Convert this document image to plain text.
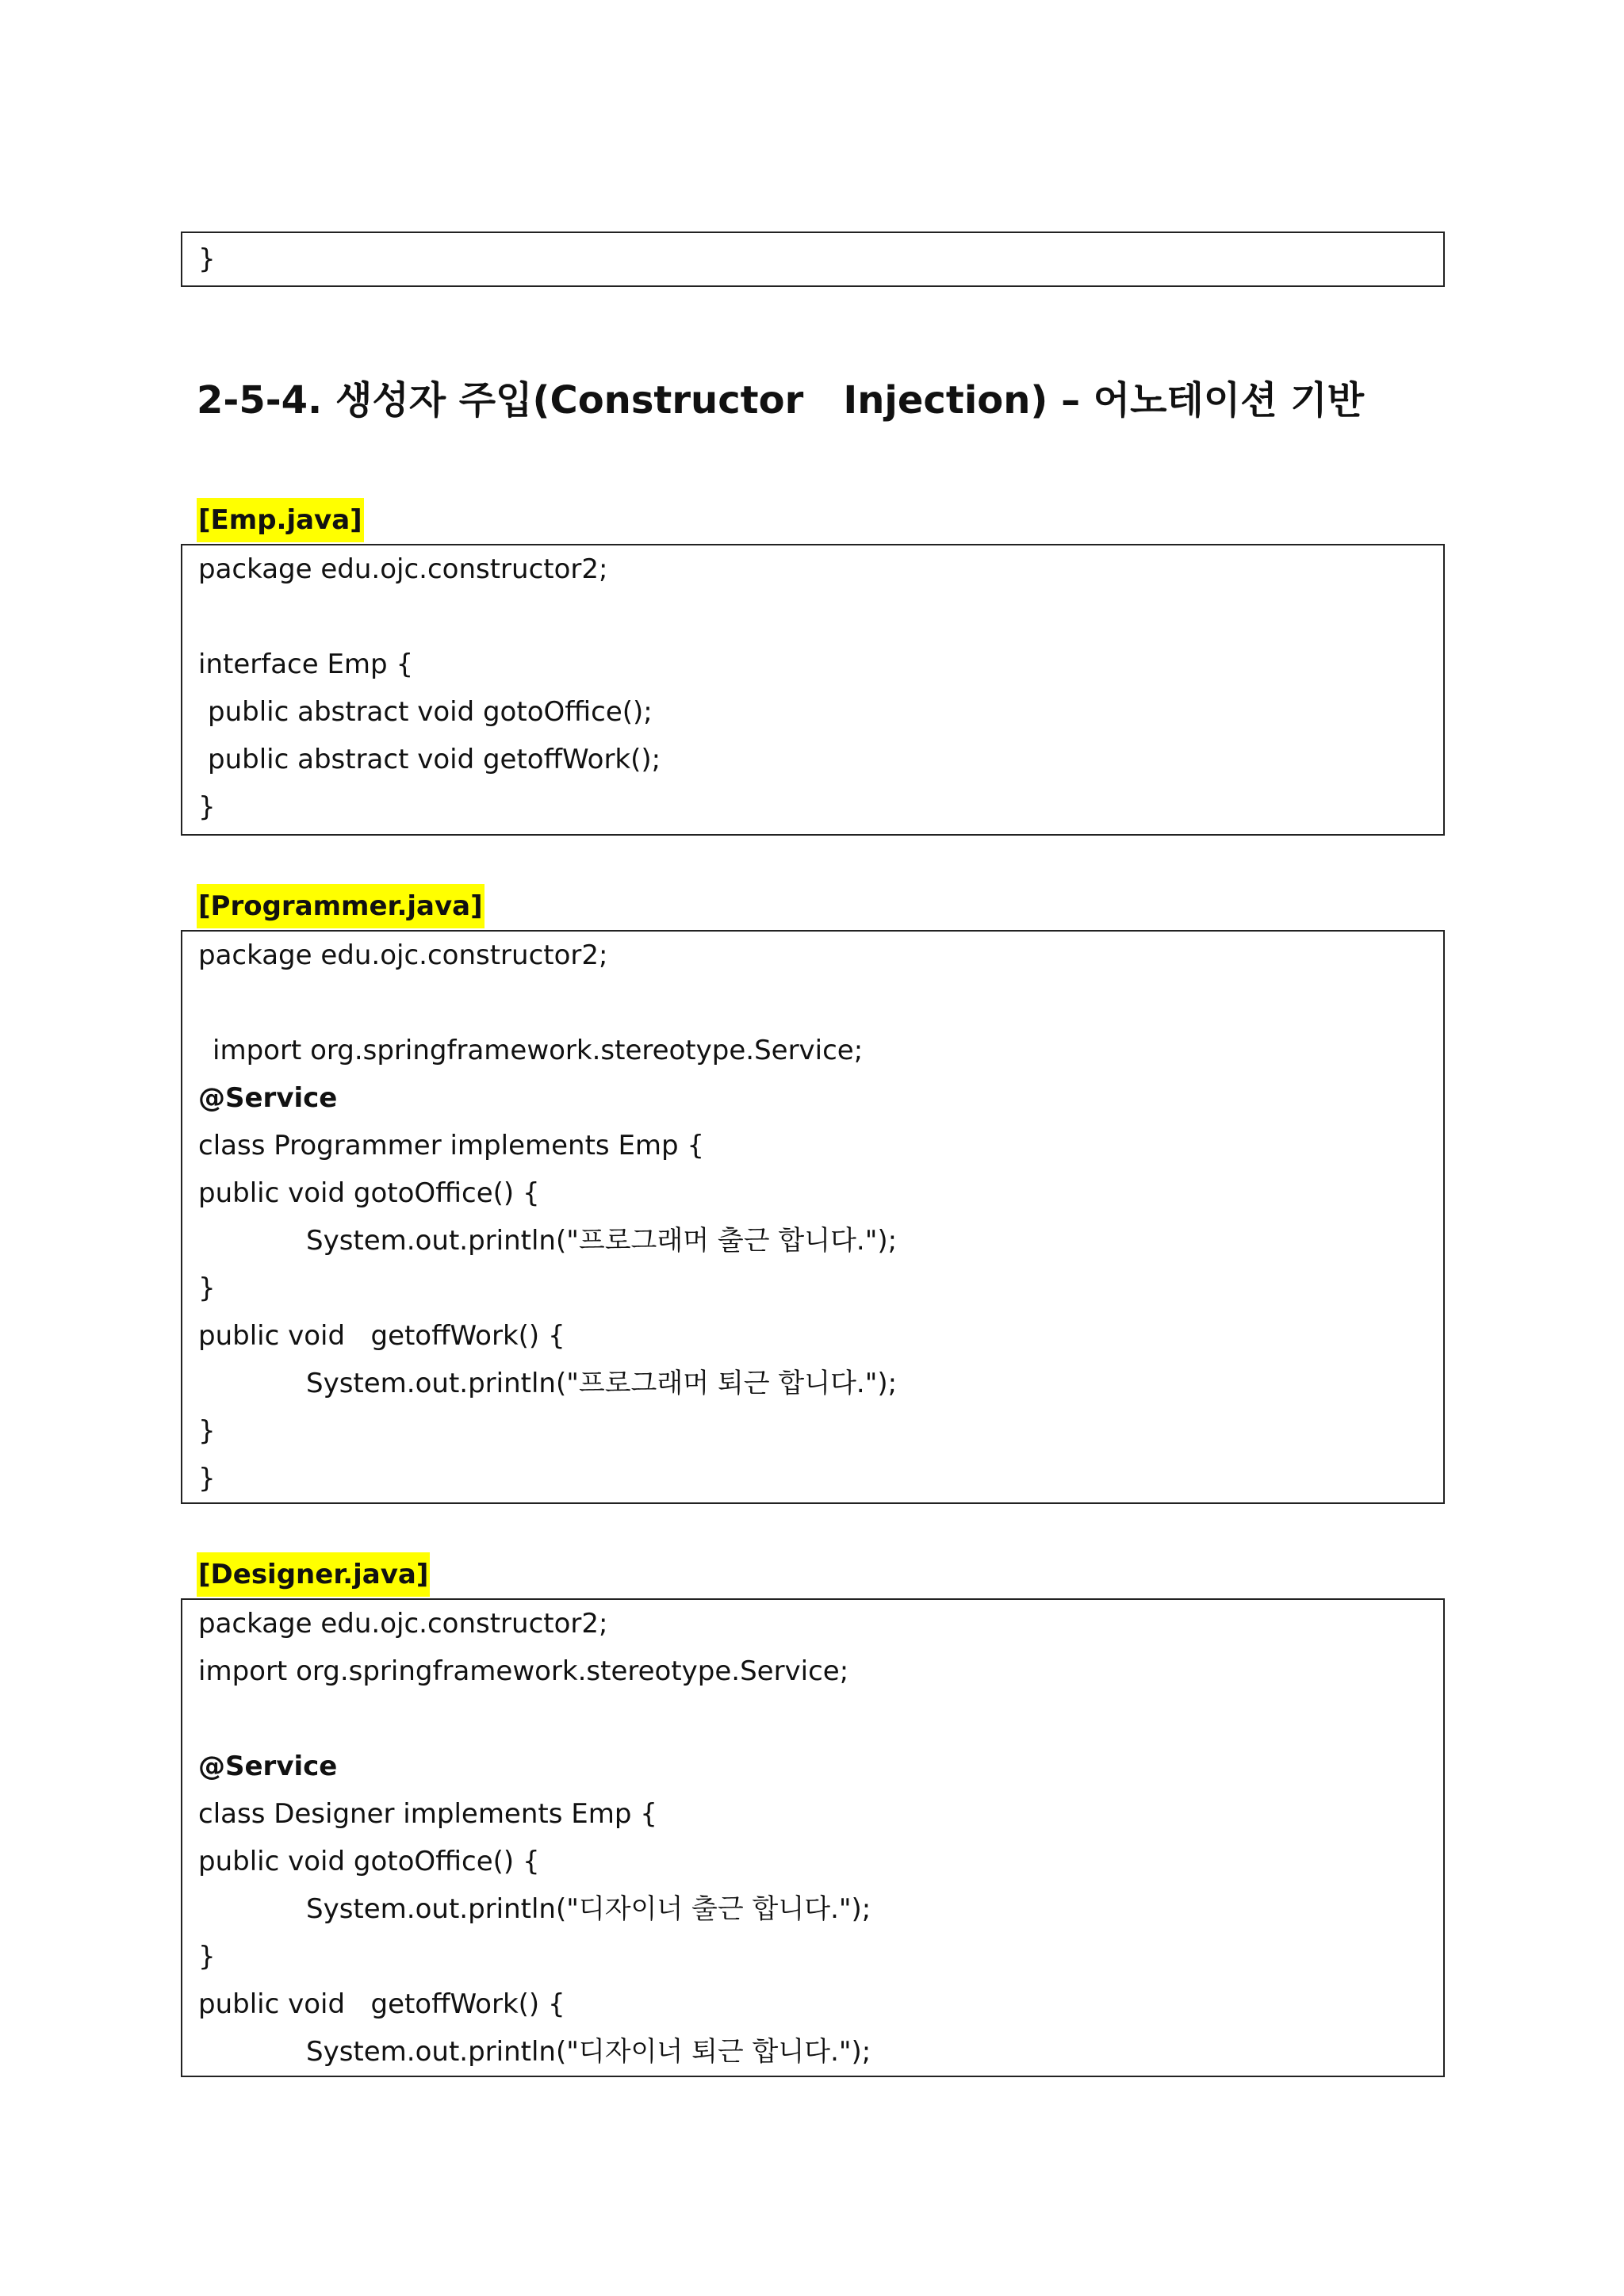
}
2-5-4. 생성자 주입(Constructor   Injection) – 어노테이션 기반
[Emp.java]
package edu.ojc.constructor2;
interface Emp {
public abstract void gotoOffice();
public abstract void getoffWork();
}
[Programmer.java]
package edu.ojc.constructor2;
import org.springframework.stereotype.Service;
@Service
class Programmer implements Emp {
public void gotoOffice() {
System.out.println("프로그래머 출근 합니다.");
}
public void   getoffWork() {
System.out.println("프로그래머 퇴근 합니다.");
}
}
[Designer.java]
package edu.ojc.constructor2;
import org.springframework.stereotype.Service;
@Service
class Designer implements Emp {
public void gotoOffice() {
System.out.println("디자이너 출근 합니다.");
}
public void   getoffWork() {
System.out.println("디자이너 퇴근 합니다.");
